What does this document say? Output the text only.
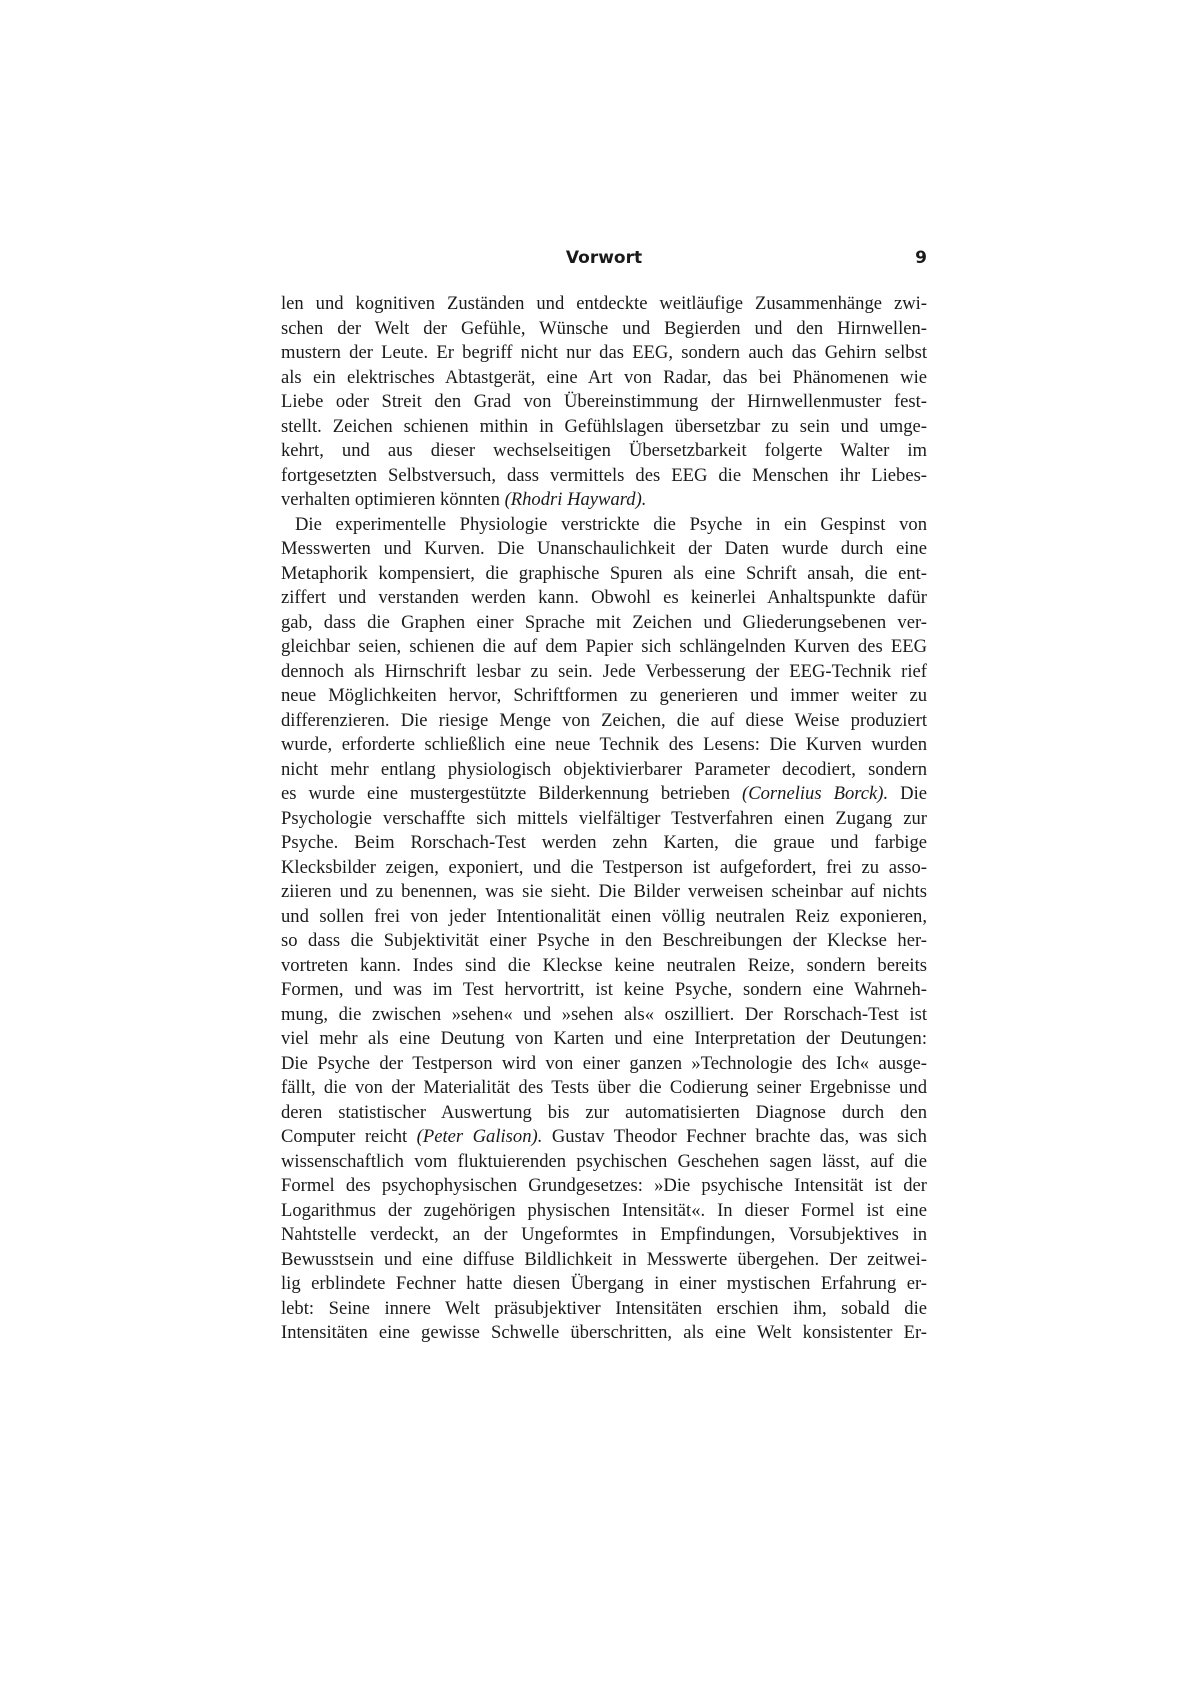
Vorwort	9

len und kognitiven Zuständen und entdeckte weitläufige Zusammenhänge zwi-
schen der Welt der Gefühle, Wünsche und Begierden und den Hirnwellen-
mustern der Leute. Er begriff nicht nur das EEG, sondern auch das Gehirn selbst
als ein elektrisches Abtastgerät, eine Art von Radar, das bei Phänomenen wie
Liebe oder Streit den Grad von Übereinstimmung der Hirnwellenmuster fest-
stellt. Zeichen schienen mithin in Gefühlslagen übersetzbar zu sein und umge-
kehrt, und aus dieser wechselseitigen Übersetzbarkeit folgerte Walter im
fortgesetzten Selbstversuch, dass vermittels des EEG die Menschen ihr Liebes-
verhalten optimieren könnten (Rhodri Hayward).

Die experimentelle Physiologie verstrickte die Psyche in ein Gespinst von
Messwerten und Kurven. Die Unanschaulichkeit der Daten wurde durch eine
Metaphorik kompensiert, die graphische Spuren als eine Schrift ansah, die ent-
ziffert und verstanden werden kann. Obwohl es keinerlei Anhaltspunkte dafür
gab, dass die Graphen einer Sprache mit Zeichen und Gliederungsebenen ver-
gleichbar seien, schienen die auf dem Papier sich schlängelnden Kurven des EEG
dennoch als Hirnschrift lesbar zu sein. Jede Verbesserung der EEG-Technik rief
neue Möglichkeiten hervor, Schriftformen zu generieren und immer weiter zu
differenzieren. Die riesige Menge von Zeichen, die auf diese Weise produziert
wurde, erforderte schließlich eine neue Technik des Lesens: Die Kurven wurden
nicht mehr entlang physiologisch objektivierbarer Parameter decodiert, sondern
es wurde eine mustergestützte Bilderkennung betrieben (Cornelius Borck). Die
Psychologie verschaffte sich mittels vielfältiger Testverfahren einen Zugang zur
Psyche. Beim Rorschach-Test werden zehn Karten, die graue und farbige
Klecksbilder zeigen, exponiert, und die Testperson ist aufgefordert, frei zu asso-
ziieren und zu benennen, was sie sieht. Die Bilder verweisen scheinbar auf nichts
und sollen frei von jeder Intentionalität einen völlig neutralen Reiz exponieren,
so dass die Subjektivität einer Psyche in den Beschreibungen der Kleckse her-
vortreten kann. Indes sind die Kleckse keine neutralen Reize, sondern bereits
Formen, und was im Test hervortritt, ist keine Psyche, sondern eine Wahrneh-
mung, die zwischen »sehen« und »sehen als« oszilliert. Der Rorschach-Test ist
viel mehr als eine Deutung von Karten und eine Interpretation der Deutungen:
Die Psyche der Testperson wird von einer ganzen »Technologie des Ich« ausge-
fällt, die von der Materialität des Tests über die Codierung seiner Ergebnisse und
deren statistischer Auswertung bis zur automatisierten Diagnose durch den
Computer reicht (Peter Galison). Gustav Theodor Fechner brachte das, was sich
wissenschaftlich vom fluktuierenden psychischen Geschehen sagen lässt, auf die
Formel des psychophysischen Grundgesetzes: »Die psychische Intensität ist der
Logarithmus der zugehörigen physischen Intensität«. In dieser Formel ist eine
Nahtstelle verdeckt, an der Ungeformtes in Empfindungen, Vorsubjektives in
Bewusstsein und eine diffuse Bildlichkeit in Messwerte übergehen. Der zeitwei-
lig erblindete Fechner hatte diesen Übergang in einer mystischen Erfahrung er-
lebt: Seine innere Welt präsubjektiver Intensitäten erschien ihm, sobald die
Intensitäten eine gewisse Schwelle überschritten, als eine Welt konsistenter Er-
